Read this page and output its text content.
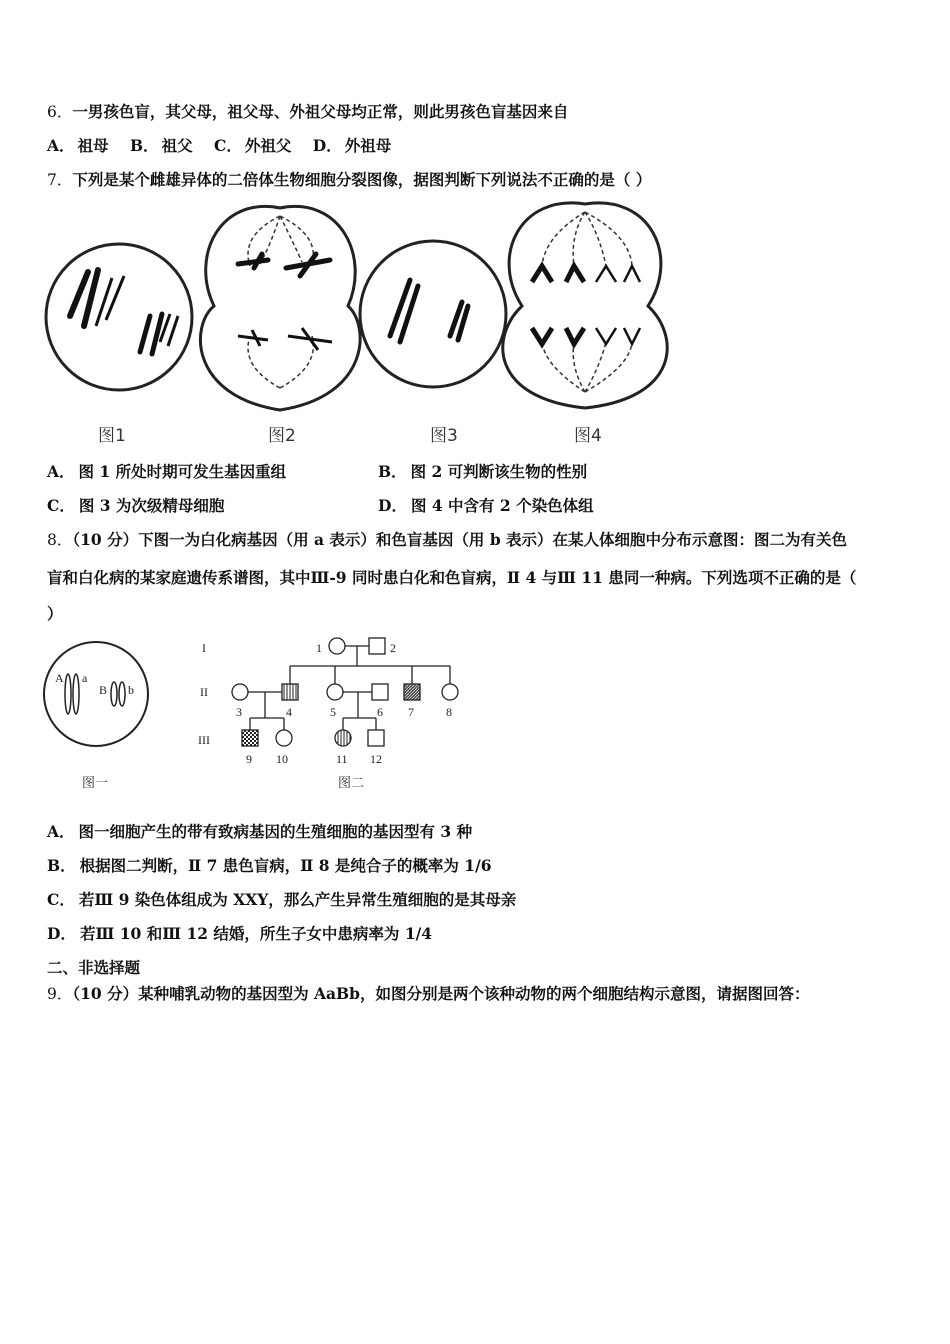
6．一男孩色盲，其父母，祖父母、外祖父母均正常，则此男孩色盲基因来自
A． 祖母 B． 祖父 C． 外祖父 D． 外祖母
7．下列是某个雌雄异体的二倍体生物细胞分裂图像，据图判断下列说法不正确的是（ ）
图1	图2	图3	图4
A． 图 1 所处时期可发生基因重组	B． 图 2 可判断该生物的性别
C． 图 3 为次级精母细胞	D． 图 4 中含有 2 个染色体组
8．（10 分）下图一为白化病基因（用 a 表示）和色盲基因（用 b 表示）在某人体细胞中分布示意图：图二为有关色
盲和白化病的某家庭遗传系谱图，其中Ⅲ-9 同时患白化和色盲病，Ⅱ 4 与Ⅲ 11 患同一种病。下列选项不正确的是（
）
A a
B b
图一
I
II
III
1	2
3	4	5	6 7	8
9 10	11 12
图二
A． 图一细胞产生的带有致病基因的生殖细胞的基因型有 3 种
B． 根据图二判断，Ⅱ 7 患色盲病，Ⅱ 8 是纯合子的概率为 1/6
C． 若Ⅲ 9 染色体组成为 XXY，那么产生异常生殖细胞的是其母亲
D． 若Ⅲ 10 和Ⅲ 12 结婚，所生子女中患病率为 1/4
二、非选择题
9．（10 分）某种哺乳动物的基因型为 AaBb，如图分别是两个该种动物的两个细胞结构示意图，请据图回答：
